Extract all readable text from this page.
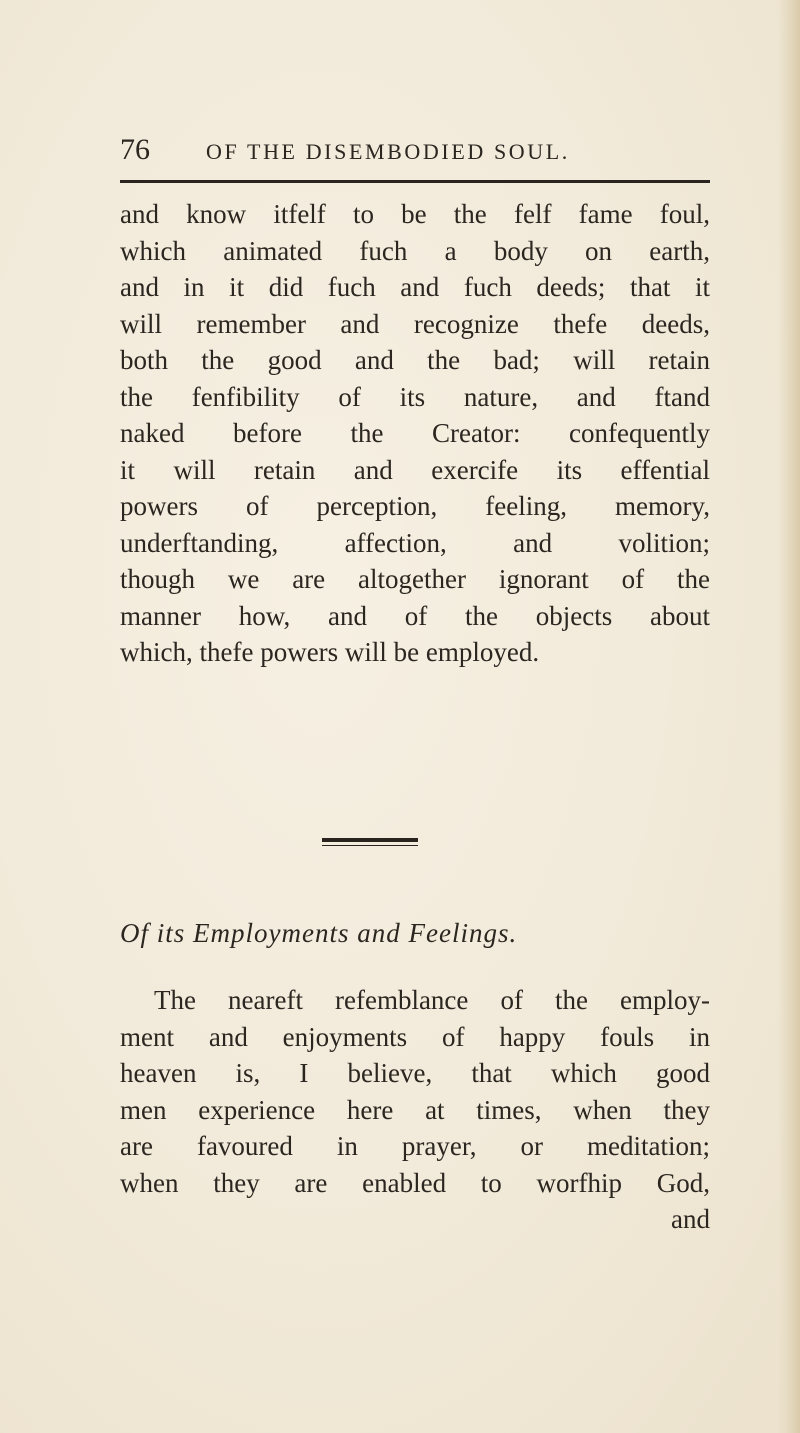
76	OF THE DISEMBODIED SOUL.
and know itfelf to be the felf fame foul,
which animated fuch a body on earth,
and in it did fuch and fuch deeds; that it
will remember and recognize thefe deeds,
both the good and the bad; will retain
the fenfibility of its nature, and ftand
naked before the Creator: confequently
it will retain and exercife its effential
powers of perception, feeling, memory,
underftanding, affection, and volition;
though we are altogether ignorant of the
manner how, and of the objects about
which, thefe powers will be employed.
Of its Employments and Feelings.
The neareft refemblance of the employ-
ment and enjoyments of happy fouls in
heaven is, I believe, that which good
men experience here at times, when they
are favoured in prayer, or meditation;
when they are enabled to worfhip God,
and
